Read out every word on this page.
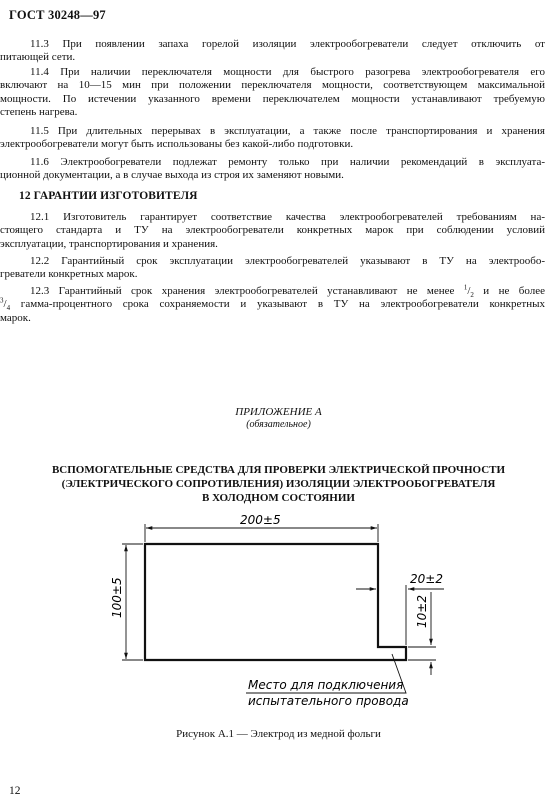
ГОСТ 30248—97
11.3 При появлении запаха горелой изоляции электрообогреватели следует отключить от
питающей сети.
11.4 При наличии переключателя мощности для быстрого разогрева электрообогревателя его
включают на 10—15 мин при положении переключателя мощности, соответствующем максимальной
мощности. По истечении указанного времени переключателем мощности устанавливают требуемую
степень нагрева.
11.5 При длительных перерывах в эксплуатации, а также после транспортирования и хранения
электрообогреватели могут быть использованы без какой-либо подготовки.
11.6 Электрообогреватели подлежат ремонту только при наличии рекомендаций в эксплуата-
ционной документации, а в случае выхода из строя их заменяют новыми.
12 ГАРАНТИИ ИЗГОТОВИТЕЛЯ
12.1 Изготовитель гарантирует соответствие качества электрообогревателей требованиям на-
стоящего стандарта и ТУ на электрообогреватели конкретных марок при соблюдении условий
эксплуатации, транспортирования и хранения.
12.2 Гарантийный срок эксплуатации электрообогревателей указывают в ТУ на электрообо-
греватели конкретных марок.
12.3 Гарантийный срок хранения электрообогревателей устанавливают не менее $^1/_2$ и не более
$^3/_4$ гамма-процентного срока сохраняемости и указывают в ТУ на электрообогреватели конкретных
марок.
ПРИЛОЖЕНИЕ А
(обязательное)
ВСПОМОГАТЕЛЬНЫЕ СРЕДСТВА ДЛЯ ПРОВЕРКИ ЭЛЕКТРИЧЕСКОЙ ПРОЧНОСТИ
(ЭЛЕКТРИЧЕСКОГО СОПРОТИВЛЕНИЯ) ИЗОЛЯЦИИ ЭЛЕКТРООБОГРЕВАТЕЛЯ
В ХОЛОДНОМ СОСТОЯНИИ
200±5
100±5	20±2
10±2
Место для подключения
испытательного провода
Рисунок А.1 — Электрод из медной фольги
12
